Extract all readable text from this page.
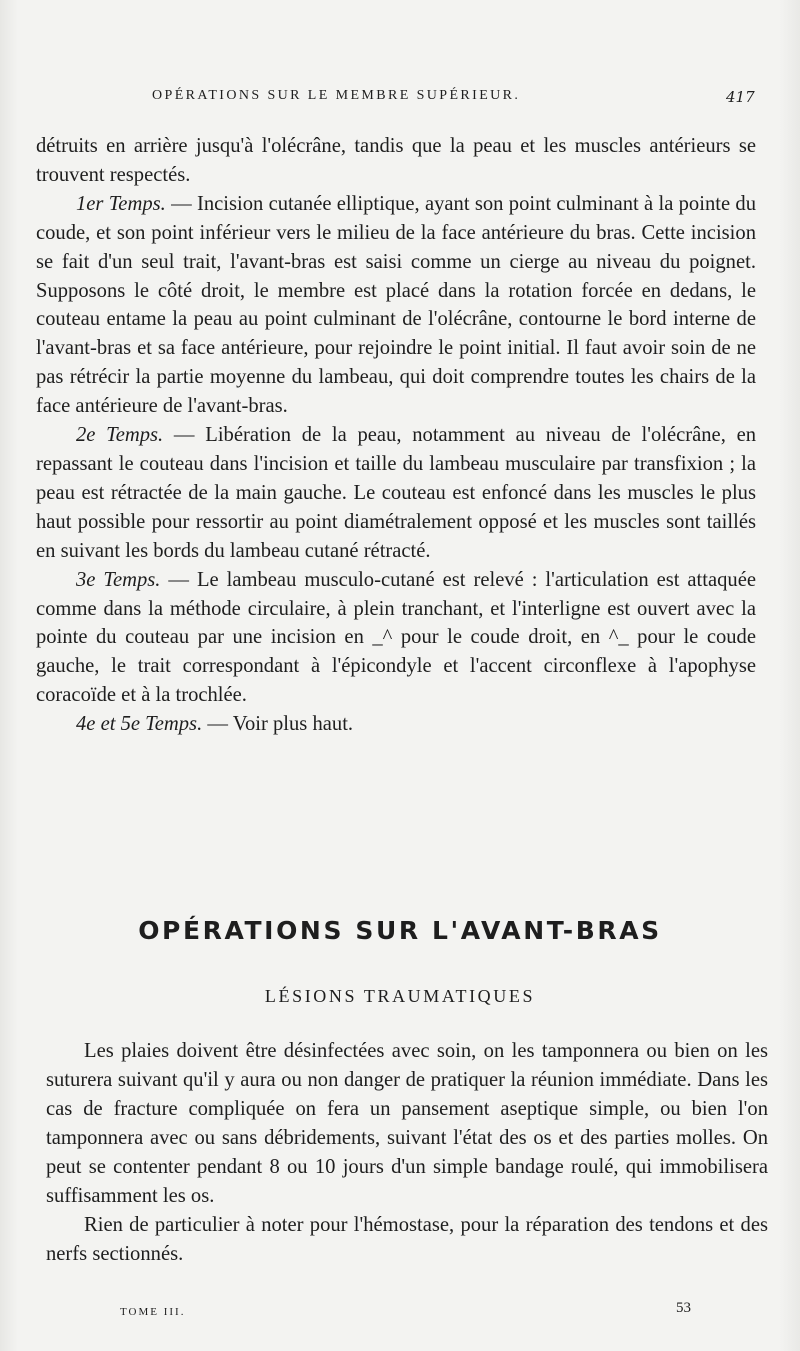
OPÉRATIONS SUR LE MEMBRE SUPÉRIEUR.	417

détruits en arrière jusqu'à l'olécrâne, tandis que la peau et les muscles antérieurs se trouvent respectés.

1er Temps. — Incision cutanée elliptique, ayant son point culminant à la pointe du coude, et son point inférieur vers le milieu de la face antérieure du bras. Cette incision se fait d'un seul trait, l'avant-bras est saisi comme un cierge au niveau du poignet. Supposons le côté droit, le membre est placé dans la rotation forcée en dedans, le couteau entame la peau au point culminant de l'olécrâne, contourne le bord interne de l'avant-bras et sa face antérieure, pour rejoindre le point initial. Il faut avoir soin de ne pas rétrécir la partie moyenne du lambeau, qui doit comprendre toutes les chairs de la face antérieure de l'avant-bras.

2e Temps. — Libération de la peau, notamment au niveau de l'olécrâne, en repassant le couteau dans l'incision et taille du lambeau musculaire par transfixion ; la peau est rétractée de la main gauche. Le couteau est enfoncé dans les muscles le plus haut possible pour ressortir au point diamétralement opposé et les muscles sont taillés en suivant les bords du lambeau cutané rétracté.

3e Temps. — Le lambeau musculo-cutané est relevé : l'articulation est attaquée comme dans la méthode circulaire, à plein tranchant, et l'interligne est ouvert avec la pointe du couteau par une incision en _^ pour le coude droit, en ^_ pour le coude gauche, le trait correspondant à l'épicondyle et l'accent circonflexe à l'apophyse coracoïde et à la trochlée.

4e et 5e Temps. — Voir plus haut.

OPÉRATIONS SUR L'AVANT-BRAS
LÉSIONS TRAUMATIQUES

Les plaies doivent être désinfectées avec soin, on les tamponnera ou bien on les suturera suivant qu'il y aura ou non danger de pratiquer la réunion immédiate. Dans les cas de fracture compliquée on fera un pansement aseptique simple, ou bien l'on tamponnera avec ou sans débridements, suivant l'état des os et des parties molles. On peut se contenter pendant 8 ou 10 jours d'un simple bandage roulé, qui immobilisera suffisamment les os.

Rien de particulier à noter pour l'hémostase, pour la réparation des tendons et des nerfs sectionnés.

TOME III.	53
